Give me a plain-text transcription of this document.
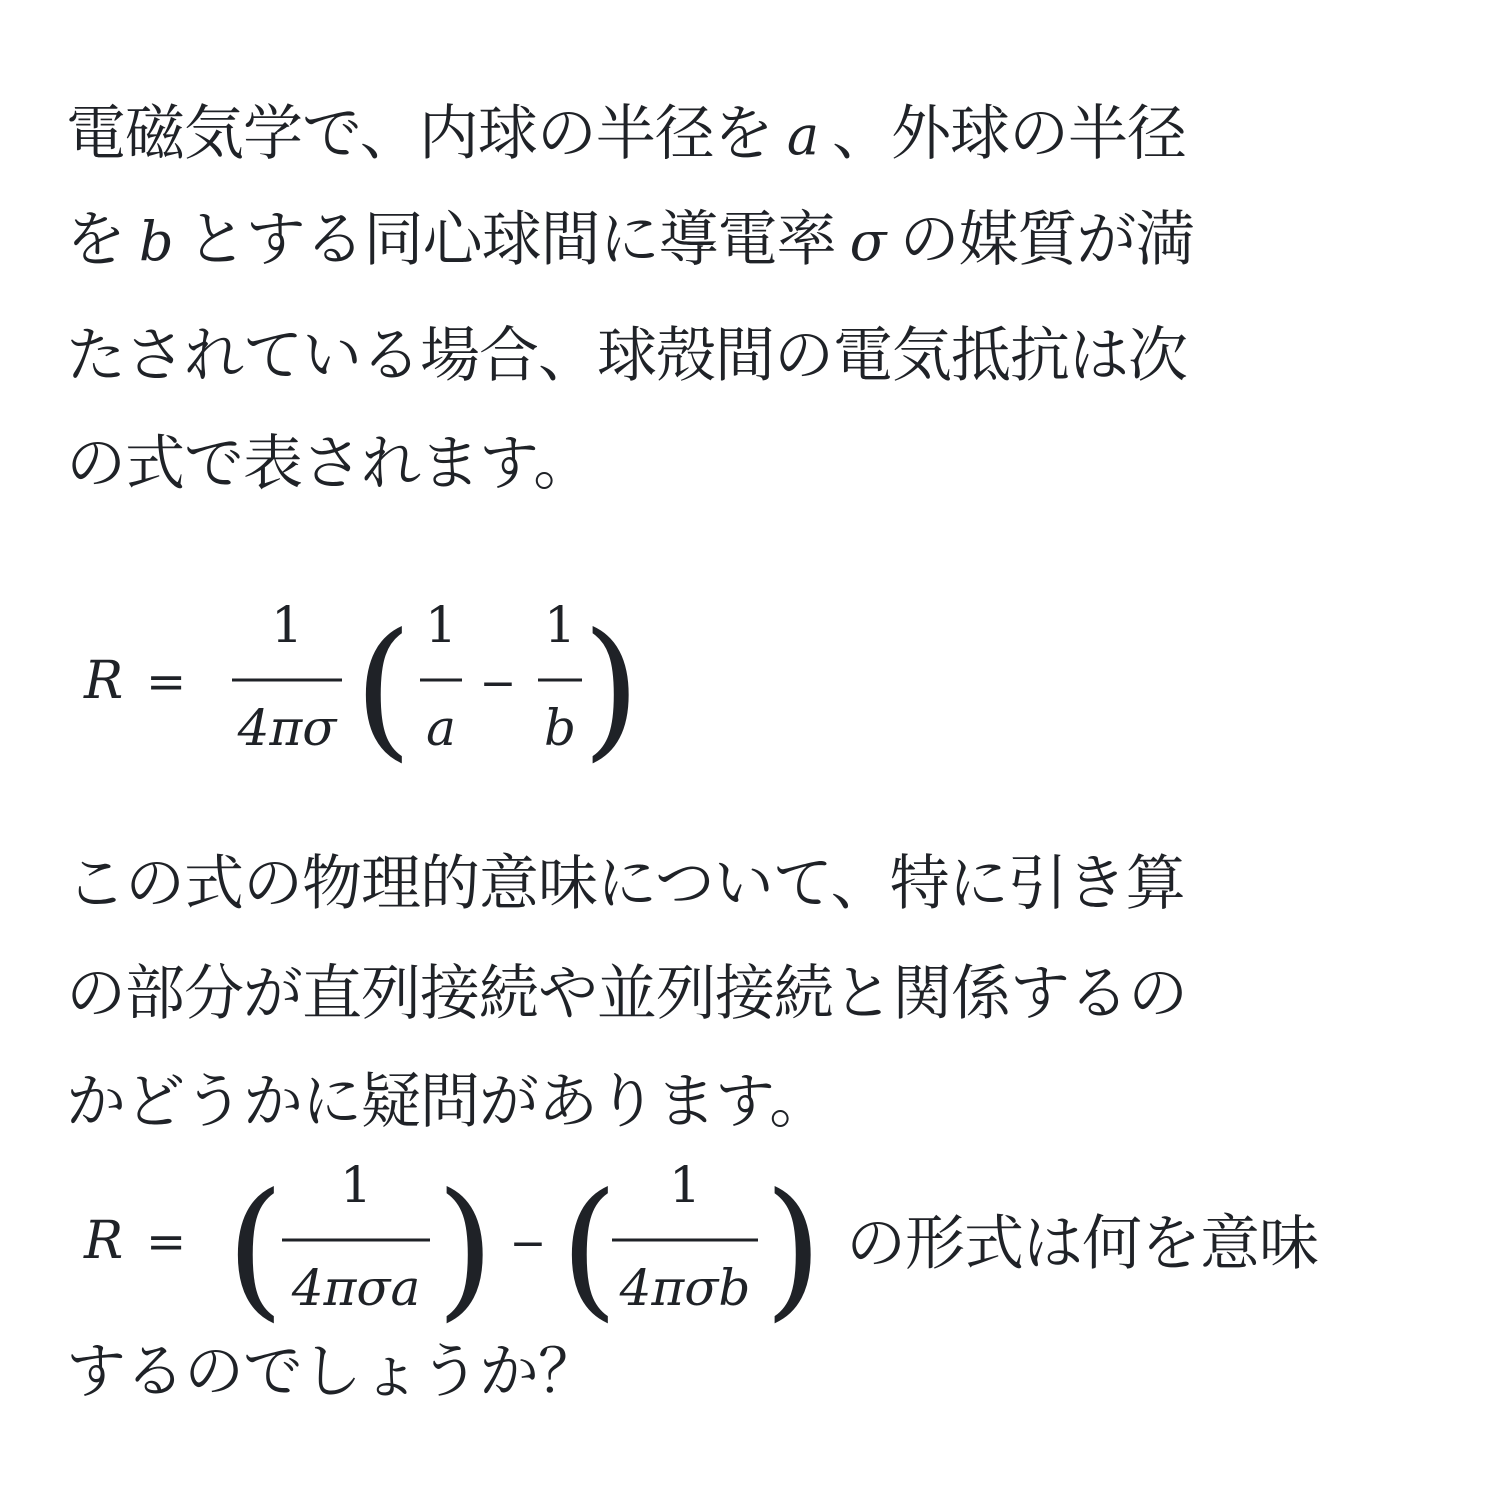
電磁気学で、内球の半径を a 、外球の半径
を b とする同心球間に導電率 σ の媒質が満
たされている場合、球殻間の電気抵抗は次
の式で表されます。
R =
1
4πσ ( 1
a
−
1
b )
この式の物理的意味について、特に引き算
の部分が直列接続や並列接続と関係するの
かどうかに疑問があります。
R = ( 1
4πσa ) − ( 1
4πσb ) の形式は何を意味
するのでしょうか？
